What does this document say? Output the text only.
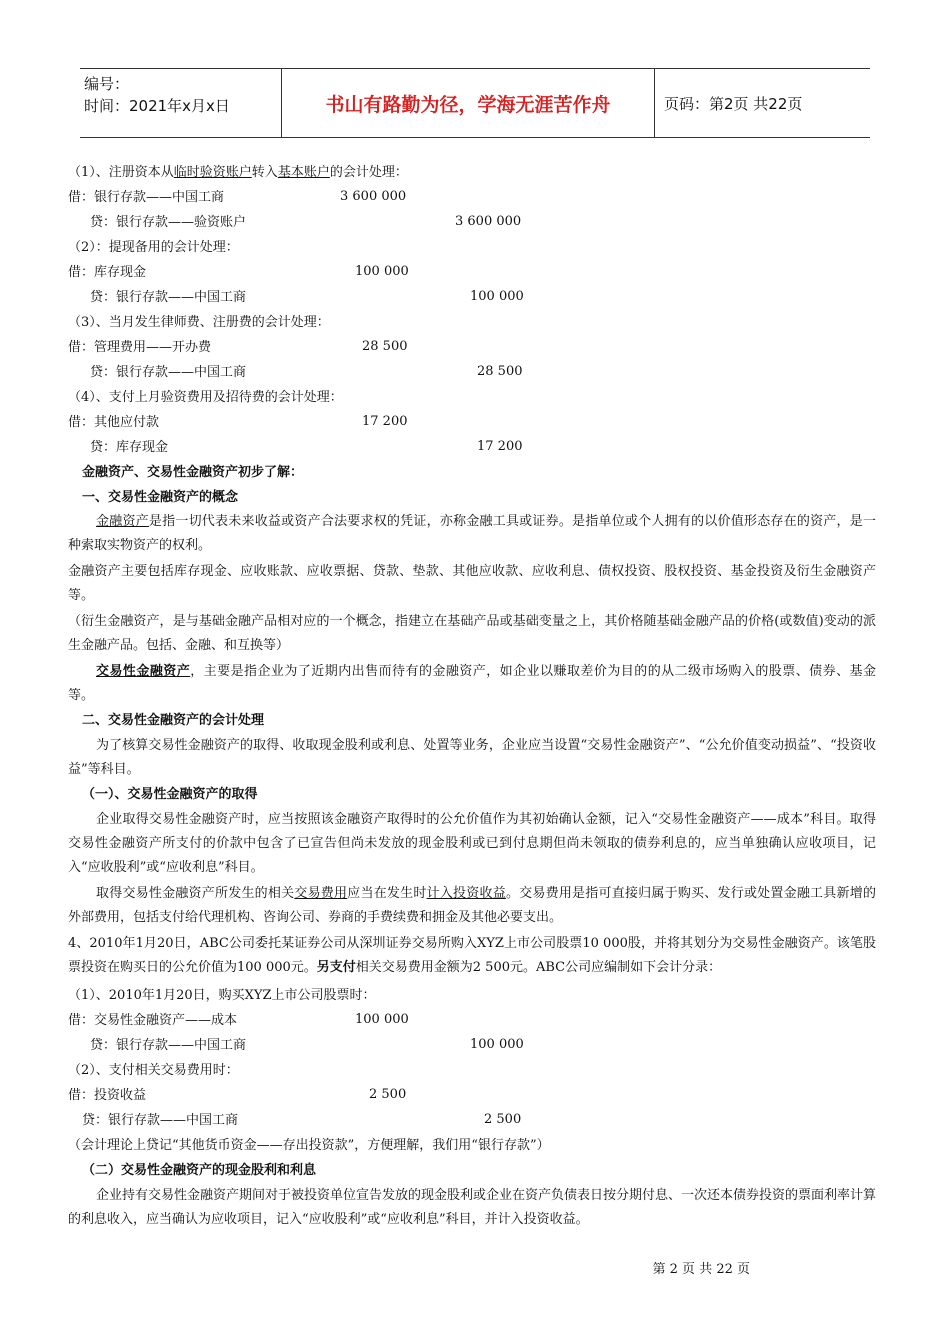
编号：
时间：2021年x月x日	书山有路勤为径，学海无涯苦作舟	页码：第2页 共22页
（1）、注册资本从临时验资账户转入基本账户的会计处理：
借：银行存款——中国工商	3 600 000
贷：银行存款——验资账户	3 600 000
（2）：提现备用的会计处理：
借：库存现金	100 000
贷：银行存款——中国工商	100 000
（3）、当月发生律师费、注册费的会计处理：
借：管理费用——开办费	28 500
贷：银行存款——中国工商	28 500
（4）、支付上月验资费用及招待费的会计处理：
借：其他应付款	17 200
贷：库存现金	17 200
金融资产、交易性金融资产初步了解：
一、交易性金融资产的概念
金融资产是指一切代表未来收益或资产合法要求权的凭证，亦称金融工具或证券。是指单位或个人拥有的以价值形态存在的资产，是一种索取实物资产的权利。
金融资产主要包括库存现金、应收账款、应收票据、贷款、垫款、其他应收款、应收利息、债权投资、股权投资、基金投资及衍生金融资产等。
（衍生金融资产，是与基础金融产品相对应的一个概念，指建立在基础产品或基础变量之上，其价格随基础金融产品的价格(或数值)变动的派生金融产品。包括、金融、和互换等）
交易性金融资产，主要是指企业为了近期内出售而待有的金融资产，如企业以赚取差价为目的的从二级市场购入的股票、债券、基金等。
二、交易性金融资产的会计处理
为了核算交易性金融资产的取得、收取现金股利或利息、处置等业务，企业应当设置“交易性金融资产”、“公允价值变动损益”、“投资收益”等科目。
（一）、交易性金融资产的取得
企业取得交易性金融资产时，应当按照该金融资产取得时的公允价值作为其初始确认金额，记入“交易性金融资产——成本”科目。取得交易性金融资产所支付的价款中包含了已宣告但尚未发放的现金股利或已到付息期但尚未领取的债券利息的，应当单独确认应收项目，记入“应收股利”或“应收利息”科目。
取得交易性金融资产所发生的相关交易费用应当在发生时计入投资收益。交易费用是指可直接归属于购买、发行或处置金融工具新增的外部费用，包括支付给代理机构、咨询公司、券商的手费续费和拥金及其他必要支出。
4、2010年1月20日，ABC公司委托某证券公司从深圳证券交易所购入XYZ上市公司股票10 000股，并将其划分为交易性金融资产。该笔股票投资在购买日的公允价值为100 000元。另支付相关交易费用金额为2 500元。ABC公司应编制如下会计分录：
（1）、2010年1月20日，购买XYZ上市公司股票时：
借：交易性金融资产——成本	100 000
贷：银行存款——中国工商	100 000
（2）、支付相关交易费用时：
借：投资收益	2 500
贷：银行存款——中国工商	2 500
（会计理论上贷记“其他货币资金——存出投资款”，方便理解，我们用“银行存款”）
（二）交易性金融资产的现金股利和利息
企业持有交易性金融资产期间对于被投资单位宣告发放的现金股利或企业在资产负债表日按分期付息、一次还本债券投资的票面利率计算的利息收入，应当确认为应收项目，记入“应收股利”或“应收利息”科目，并计入投资收益。
第 2 页 共 22 页
